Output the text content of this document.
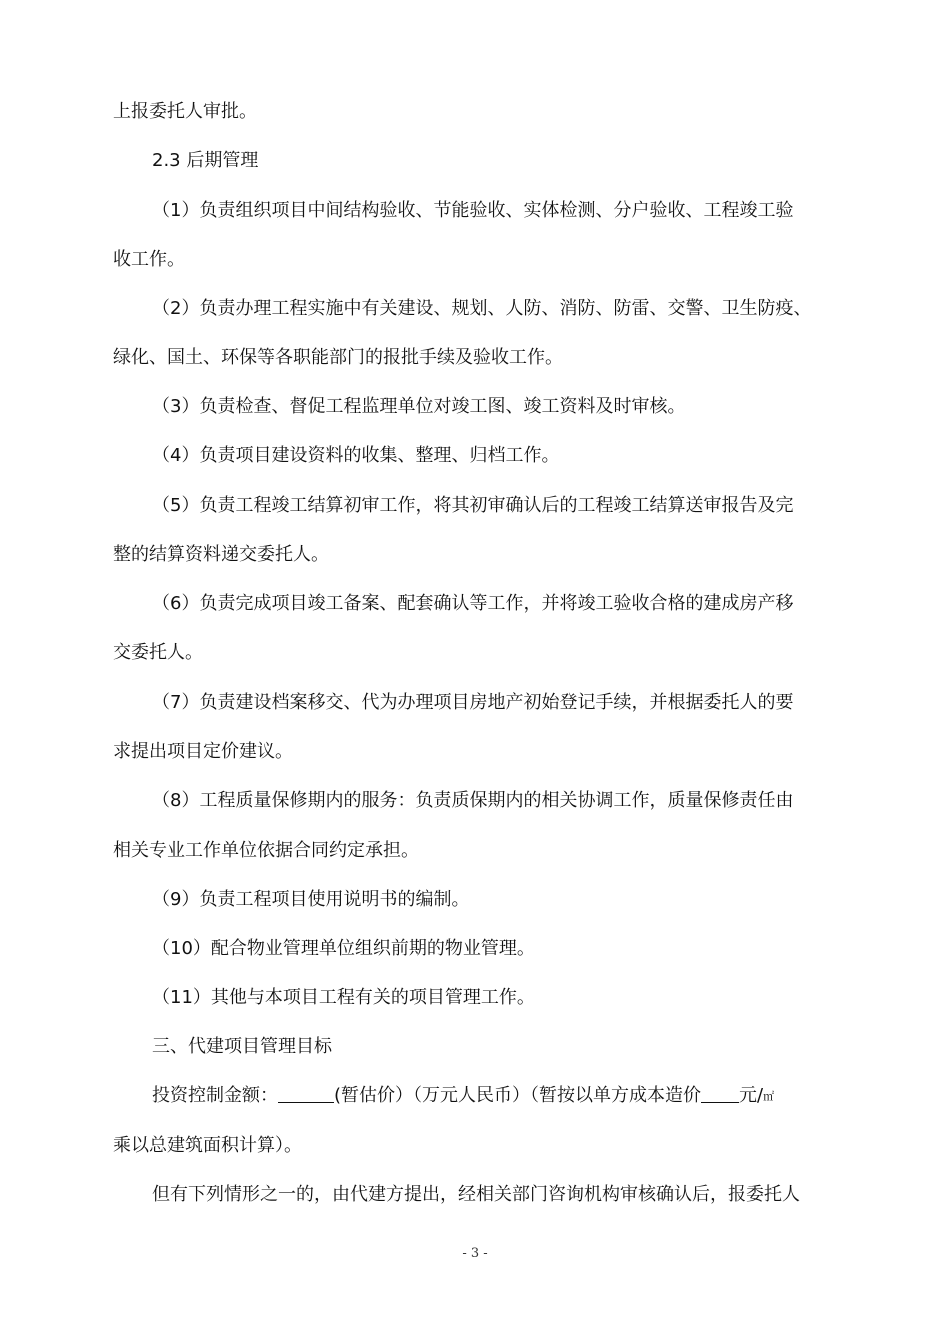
上报委托人审批。
2.3 后期管理
（1）负责组织项目中间结构验收、节能验收、实体检测、分户验收、工程竣工验
收工作。
（2）负责办理工程实施中有关建设、规划、人防、消防、防雷、交警、卫生防疫、
绿化、国土、环保等各职能部门的报批手续及验收工作。
（3）负责检查、督促工程监理单位对竣工图、竣工资料及时审核。
（4）负责项目建设资料的收集、整理、归档工作。
（5）负责工程竣工结算初审工作，将其初审确认后的工程竣工结算送审报告及完
整的结算资料递交委托人。
（6）负责完成项目竣工备案、配套确认等工作，并将竣工验收合格的建成房产移
交委托人。
（7）负责建设档案移交、代为办理项目房地产初始登记手续，并根据委托人的要
求提出项目定价建议。
（8）工程质量保修期内的服务：负责质保期内的相关协调工作，质量保修责任由
相关专业工作单位依据合同约定承担。
（9）负责工程项目使用说明书的编制。
（10）配合物业管理单位组织前期的物业管理。
（11）其他与本项目工程有关的项目管理工作。
三、代建项目管理目标
投资控制金额：	(暂估价）（万元人民币）（暂按以单方成本造价 元/㎡
乘以总建筑面积计算）。
但有下列情形之一的，由代建方提出，经相关部门咨询机构审核确认后，报委托人
- 3 -
